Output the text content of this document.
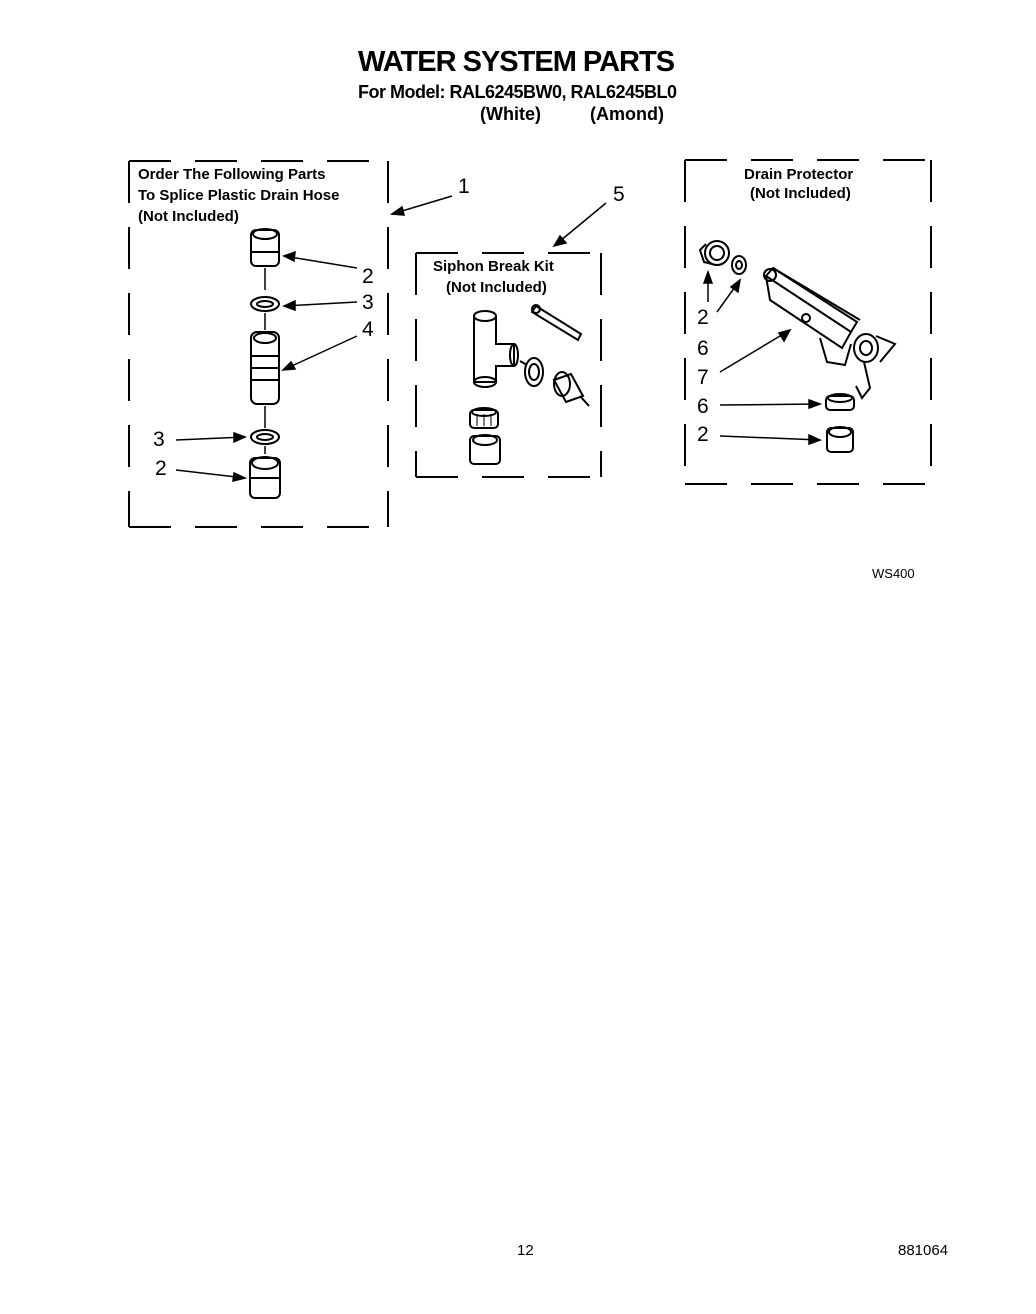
WATER SYSTEM PARTS
For Model: RAL6245BW0, RAL6245BL0
(White)	(Amond)
Order The Following Parts
To Splice Plastic Drain Hose
(Not Included)
Siphon Break Kit
(Not Included)
Drain Protector
(Not Included)
1
2
3
4
3
2
5
2
6
7
6
2
WS400
12	881064
